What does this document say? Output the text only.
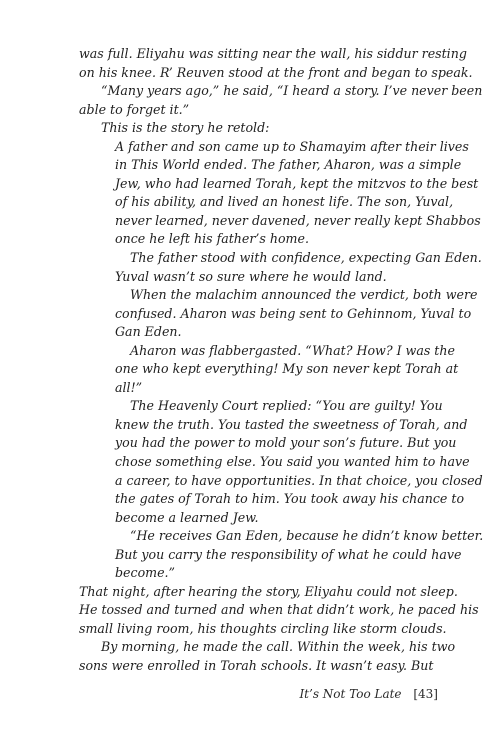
was full. Eliyahu was sitting near the wall, his siddur resting

on his knee. R’ Reuven stood at the front and began to speak.

“Many years ago,” he said, “I heard a story. I’ve never been

able to forget it.”

This is the story he retold:

A father and son came up to Shamayim after their lives

in This World ended. The father, Aharon, was a simple

Jew, who had learned Torah, kept the mitzvos to the best

of his ability, and lived an honest life. The son, Yuval,

never learned, never davened, never really kept Shabbos

once he left his father’s home.

The father stood with confidence, expecting Gan Eden.

Yuval wasn’t so sure where he would land.

When the malachim announced the verdict, both were

confused. Aharon was being sent to Gehinnom, Yuval to

Gan Eden.

Aharon was flabbergasted. “What? How? I was the

one who kept everything! My son never kept Torah at

all!”

The Heavenly Court replied: “You are guilty! You

knew the truth. You tasted the sweetness of Torah, and

you had the power to mold your son’s future. But you

chose something else. You said you wanted him to have

a career, to have opportunities. In that choice, you closed

the gates of Torah to him. You took away his chance to

become a learned Jew.

“He receives Gan Eden, because he didn’t know better.

But you carry the responsibility of what he could have

become.”

That night, after hearing the story, Eliyahu could not sleep.

He tossed and turned and when that didn’t work, he paced his

small living room, his thoughts circling like storm clouds.

By morning, he made the call. Within the week, his two

sons were enrolled in Torah schools. It wasn’t easy. But

It’s Not Too Late [43]
